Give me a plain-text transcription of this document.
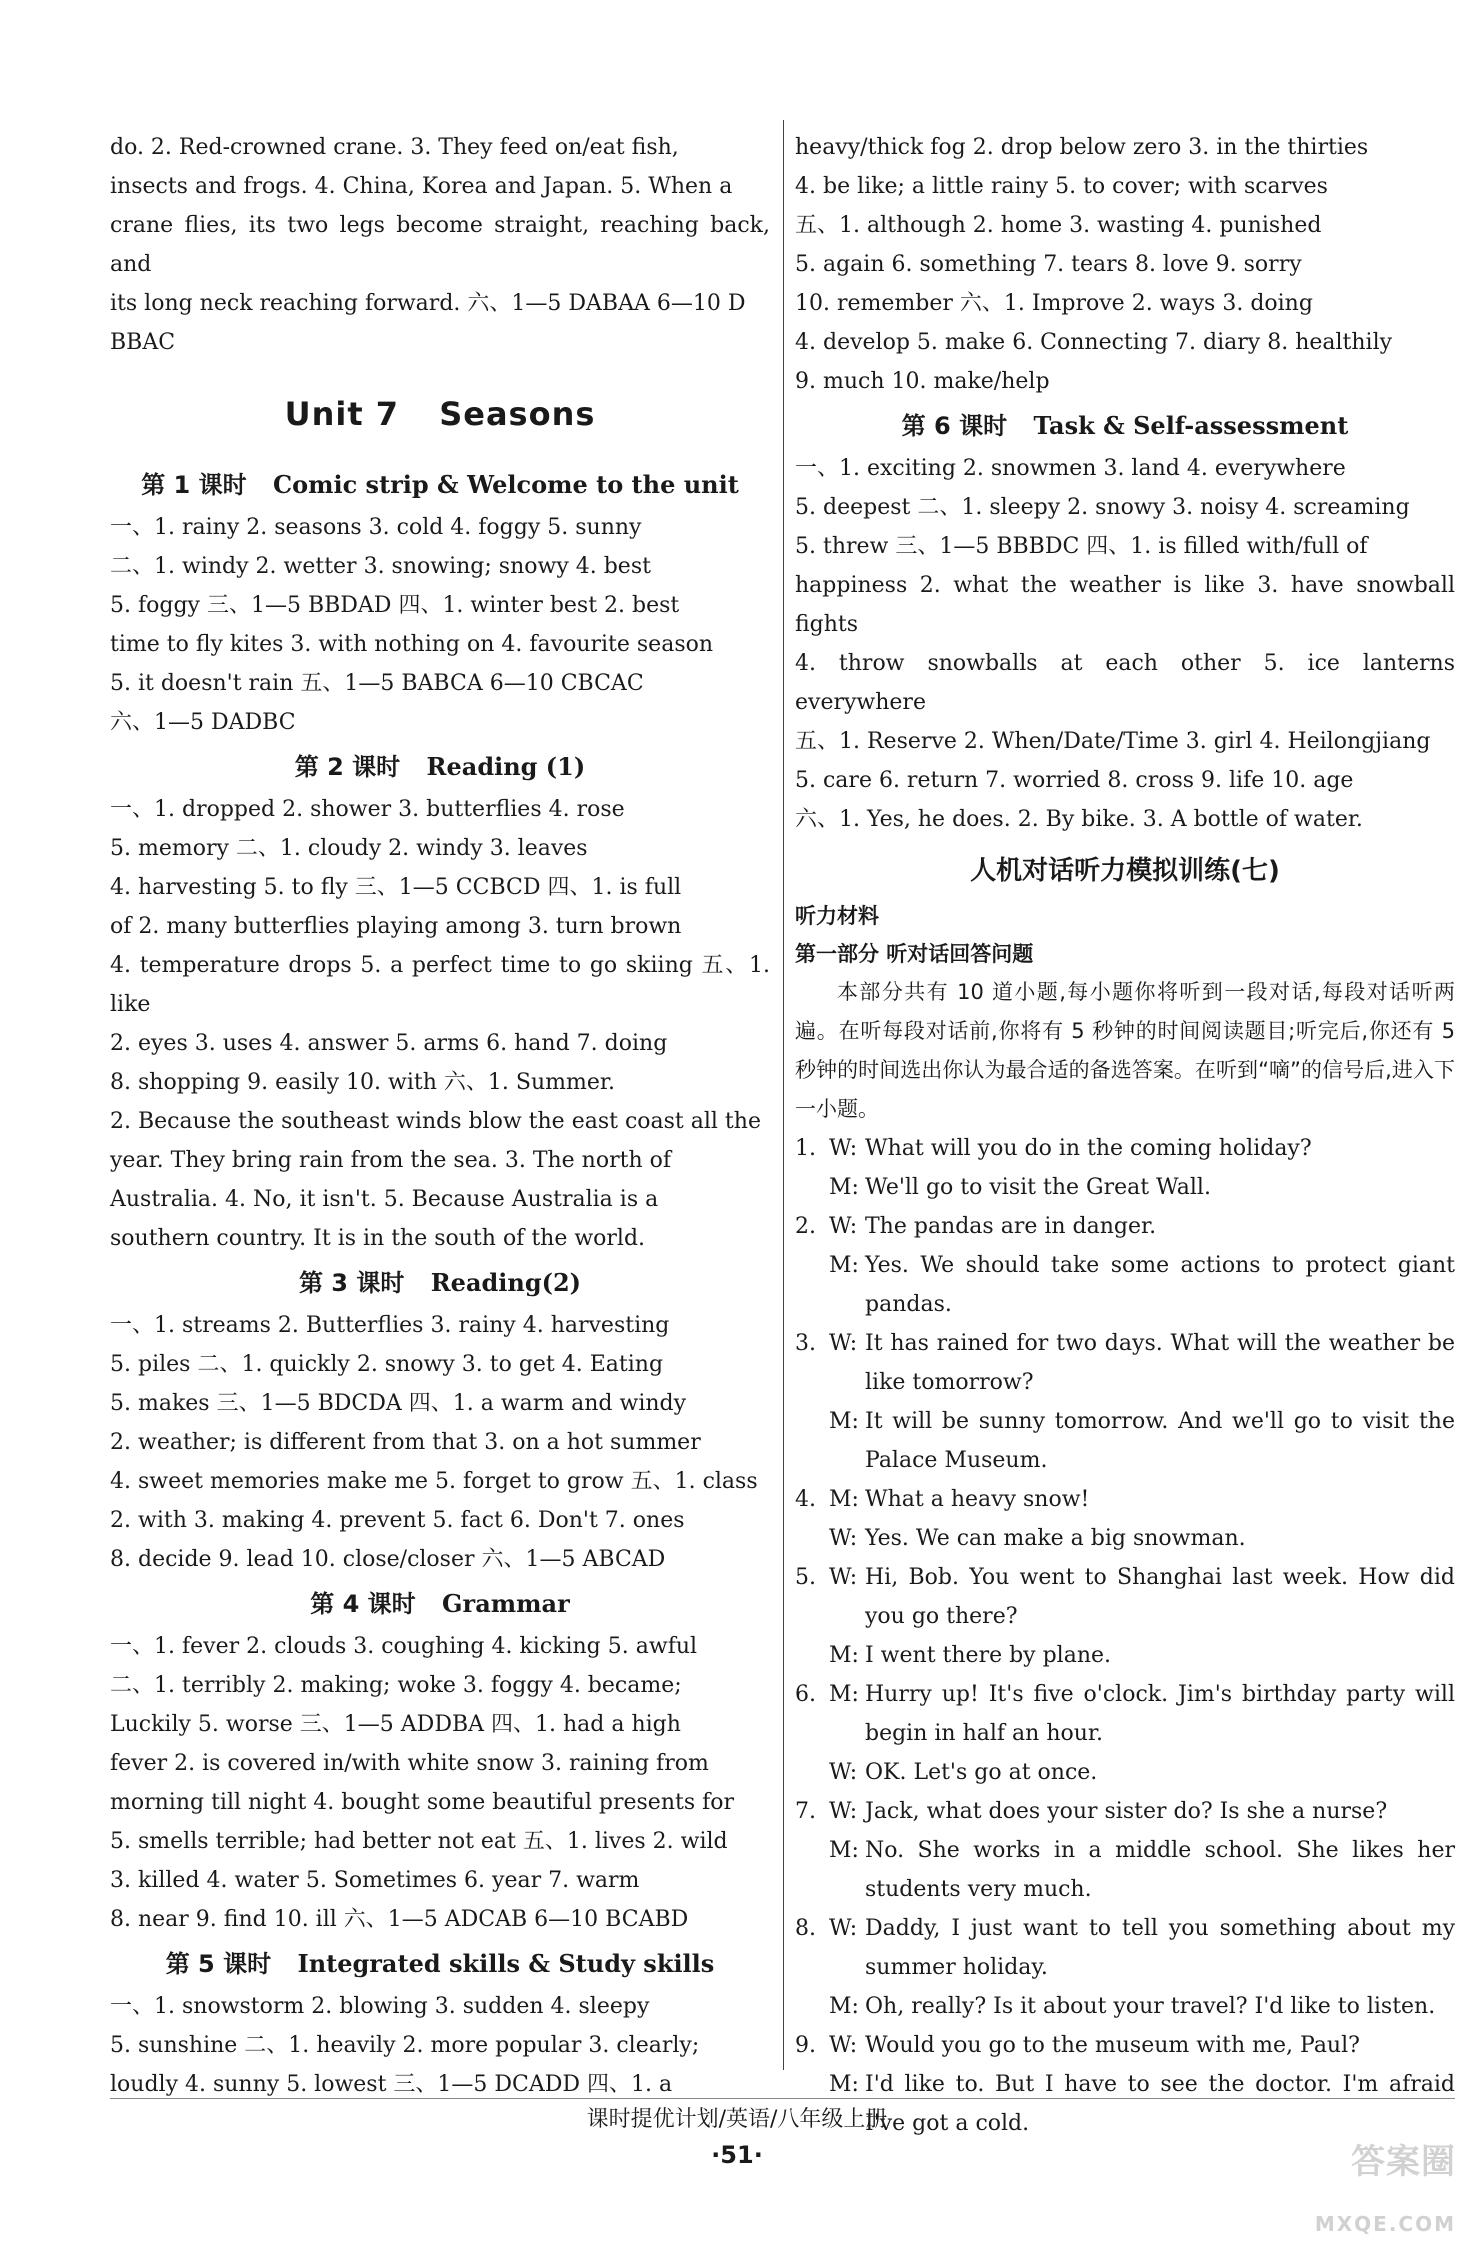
do. 2. Red-crowned crane. 3. They feed on/eat fish,
insects and frogs. 4. China, Korea and Japan. 5. When a
crane flies, its two legs become straight, reaching back, and
its long neck reaching forward. 六、1—5 DABAA 6—10 D
BBAC
Unit 7 Seasons
第 1 课时 Comic strip & Welcome to the unit
一、1. rainy 2. seasons 3. cold 4. foggy 5. sunny
二、1. windy 2. wetter 3. snowing; snowy 4. best
5. foggy 三、1—5 BBDAD 四、1. winter best 2. best
time to fly kites 3. with nothing on 4. favourite season
5. it doesn't rain 五、1—5 BABCA 6—10 CBCAC
六、1—5 DADBC
第 2 课时 Reading (1)
一、1. dropped 2. shower 3. butterflies 4. rose
5. memory 二、1. cloudy 2. windy 3. leaves
4. harvesting 5. to fly 三、1—5 CCBCD 四、1. is full
of 2. many butterflies playing among 3. turn brown
4. temperature drops 5. a perfect time to go skiing 五、1. like
2. eyes 3. uses 4. answer 5. arms 6. hand 7. doing
8. shopping 9. easily 10. with 六、1. Summer.
2. Because the southeast winds blow the east coast all the
year. They bring rain from the sea. 3. The north of
Australia. 4. No, it isn't. 5. Because Australia is a
southern country. It is in the south of the world.
第 3 课时 Reading(2)
一、1. streams 2. Butterflies 3. rainy 4. harvesting
5. piles 二、1. quickly 2. snowy 3. to get 4. Eating
5. makes 三、1—5 BDCDA 四、1. a warm and windy
2. weather; is different from that 3. on a hot summer
4. sweet memories make me 5. forget to grow 五、1. class
2. with 3. making 4. prevent 5. fact 6. Don't 7. ones
8. decide 9. lead 10. close/closer 六、1—5 ABCAD
第 4 课时 Grammar
一、1. fever 2. clouds 3. coughing 4. kicking 5. awful
二、1. terribly 2. making; woke 3. foggy 4. became;
Luckily 5. worse 三、1—5 ADDBA 四、1. had a high
fever 2. is covered in/with white snow 3. raining from
morning till night 4. bought some beautiful presents for
5. smells terrible; had better not eat 五、1. lives 2. wild
3. killed 4. water 5. Sometimes 6. year 7. warm
8. near 9. find 10. ill 六、1—5 ADCAB 6—10 BCABD
第 5 课时 Integrated skills & Study skills
一、1. snowstorm 2. blowing 3. sudden 4. sleepy
5. sunshine 二、1. heavily 2. more popular 3. clearly;
loudly 4. sunny 5. lowest 三、1—5 DCADD 四、1. a
heavy/thick fog 2. drop below zero 3. in the thirties
4. be like; a little rainy 5. to cover; with scarves
五、1. although 2. home 3. wasting 4. punished
5. again 6. something 7. tears 8. love 9. sorry
10. remember 六、1. Improve 2. ways 3. doing
4. develop 5. make 6. Connecting 7. diary 8. healthily
9. much 10. make/help
第 6 课时 Task & Self-assessment
一、1. exciting 2. snowmen 3. land 4. everywhere
5. deepest 二、1. sleepy 2. snowy 3. noisy 4. screaming
5. threw 三、1—5 BBBDC 四、1. is filled with/full of
happiness 2. what the weather is like 3. have snowball fights
4. throw snowballs at each other 5. ice lanterns everywhere
五、1. Reserve 2. When/Date/Time 3. girl 4. Heilongjiang
5. care 6. return 7. worried 8. cross 9. life 10. age
六、1. Yes, he does. 2. By bike. 3. A bottle of water.
人机对话听力模拟训练(七)
听力材料
第一部分 听对话回答问题
本部分共有 10 道小题,每小题你将听到一段对话,每段对话听两遍。在听每段对话前,你将有 5 秒钟的时间阅读题目;听完后,你还有 5 秒钟的时间选出你认为最合适的备选答案。在听到“嘀”的信号后,进入下一小题。
1. W: What will you do in the coming holiday?
M: We'll go to visit the Great Wall.
2. W: The pandas are in danger.
M: Yes. We should take some actions to protect giant pandas.
3. W: It has rained for two days. What will the weather be like tomorrow?
M: It will be sunny tomorrow. And we'll go to visit the Palace Museum.
4. M: What a heavy snow!
W: Yes. We can make a big snowman.
5. W: Hi, Bob. You went to Shanghai last week. How did you go there?
M: I went there by plane.
6. M: Hurry up! It's five o'clock. Jim's birthday party will begin in half an hour.
W: OK. Let's go at once.
7. W: Jack, what does your sister do? Is she a nurse?
M: No. She works in a middle school. She likes her students very much.
8. W: Daddy, I just want to tell you something about my summer holiday.
M: Oh, really? Is it about your travel? I'd like to listen.
9. W: Would you go to the museum with me, Paul?
M: I'd like to. But I have to see the doctor. I'm afraid I've got a cold.
课时提优计划/英语/八年级上册
·51·	答案圈MXQE.COM
